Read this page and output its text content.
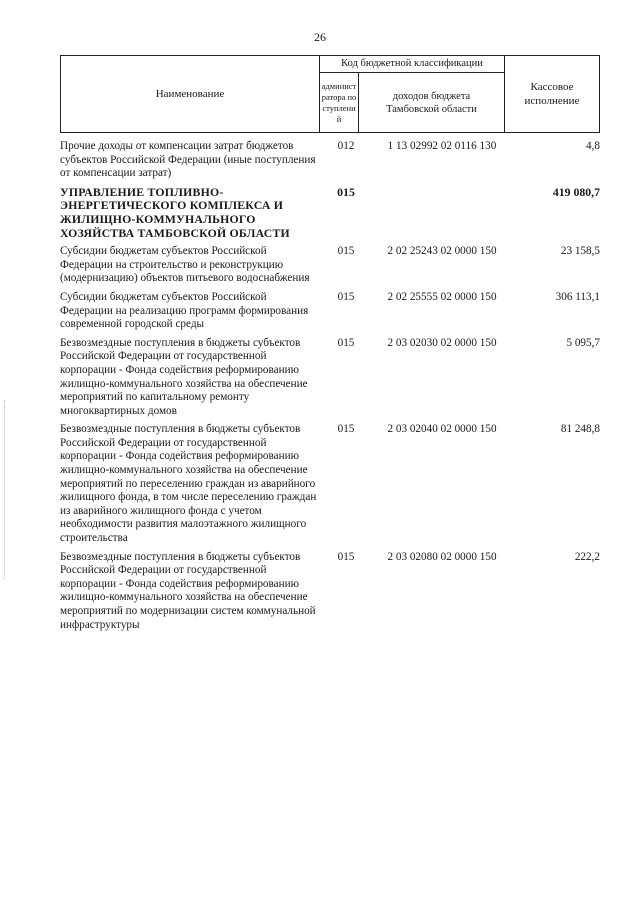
26
Наименование
Код бюджетной классификации
администратора поступлений
доходов бюджета Тамбовской области
Кассовое исполнение
Прочие доходы от компенсации затрат бюджетов субъектов Российской Федерации (иные поступления от компенсации затрат)	012	1 13 02992 02 0116 130	4,8

УПРАВЛЕНИЕ ТОПЛИВНО-ЭНЕРГЕТИЧЕСКОГО КОМПЛЕКСА И ЖИЛИЩНО-КОММУНАЛЬНОГО ХОЗЯЙСТВА ТАМБОВСКОЙ ОБЛАСТИ	015		419 080,7

Субсидии бюджетам субъектов Российской Федерации на строительство и реконструкцию (модернизацию) объектов питьевого водоснабжения	015	2 02 25243 02 0000 150	23 158,5

Субсидии бюджетам субъектов Российской Федерации на реализацию программ формирования современной городской среды	015	2 02 25555 02 0000 150	306 113,1

Безвозмездные поступления в бюджеты субъектов Российской Федерации от государственной корпорации - Фонда содействия реформированию жилищно-коммунального хозяйства на обеспечение мероприятий по капитальному ремонту многоквартирных домов	015	2 03 02030 02 0000 150	5 095,7

Безвозмездные поступления в бюджеты субъектов Российской Федерации от государственной корпорации - Фонда содействия реформированию жилищно-коммунального хозяйства на обеспечение мероприятий по переселению граждан из аварийного жилищного фонда, в том числе переселению граждан из аварийного жилищного фонда с учетом необходимости развития малоэтажного жилищного строительства	015	2 03 02040 02 0000 150	81 248,8

Безвозмездные поступления в бюджеты субъектов Российской Федерации от государственной корпорации - Фонда содействия реформированию жилищно-коммунального хозяйства на обеспечение мероприятий по модернизации систем коммунальной инфраструктуры	015	2 03 02080 02 0000 150	222,2
